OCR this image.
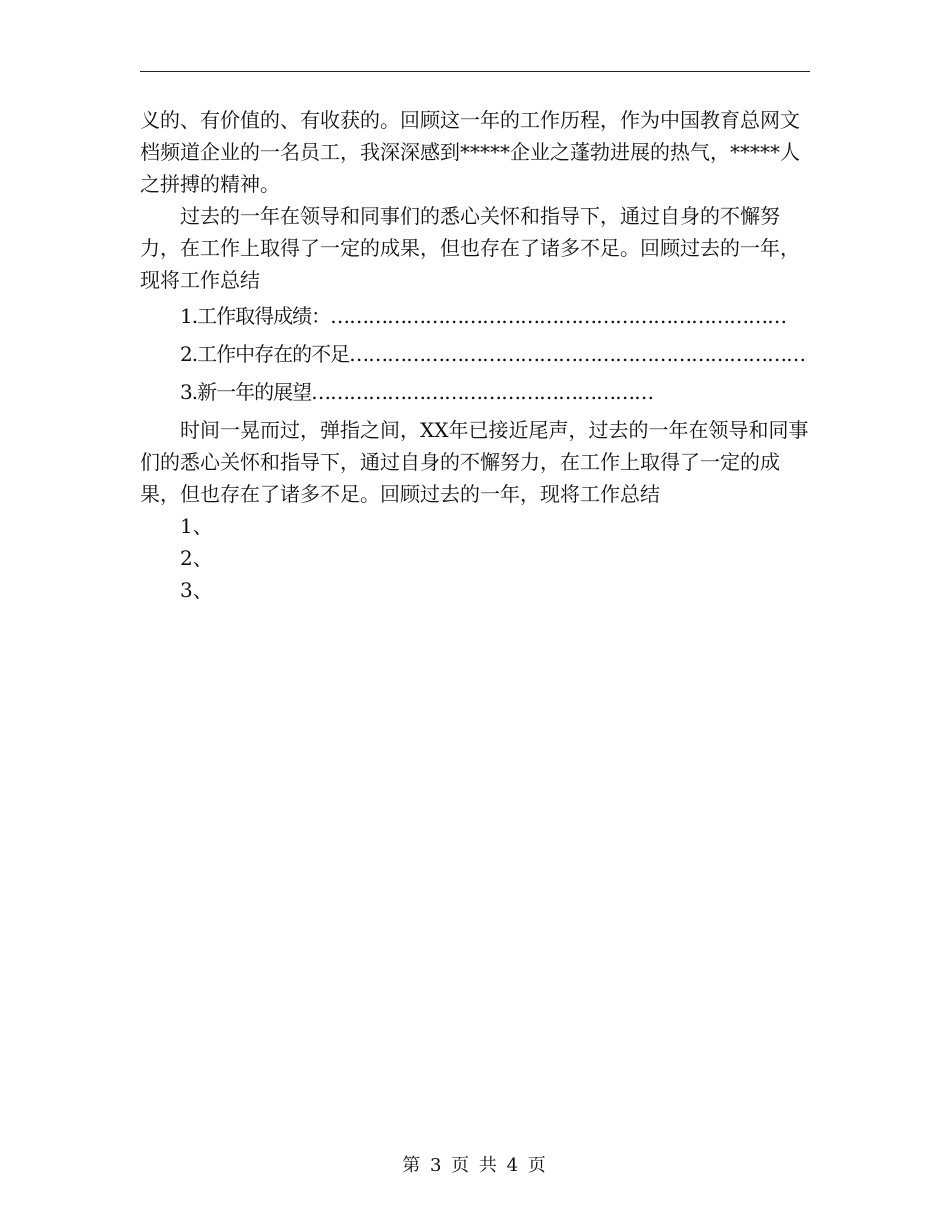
义的、有价值的、有收获的。回顾这一年的工作历程，作为中国教育总网文档频道企业的一名员工，我深深感到*****企业之蓬勃进展的热气，*****人之拼搏的精神。

过去的一年在领导和同事们的悉心关怀和指导下，通过自身的不懈努力，在工作上取得了一定的成果，但也存在了诸多不足。回顾过去的一年，现将工作总结

1.工作取得成绩：………………………………………………………………

2.工作中存在的不足………………………………………………………………

3.新一年的展望………………………………………………

时间一晃而过，弹指之间，XX年已接近尾声，过去的一年在领导和同事们的悉心关怀和指导下，通过自身的不懈努力，在工作上取得了一定的成果，但也存在了诸多不足。回顾过去的一年，现将工作总结

1、

2、

3、

第 3 页 共 4 页
